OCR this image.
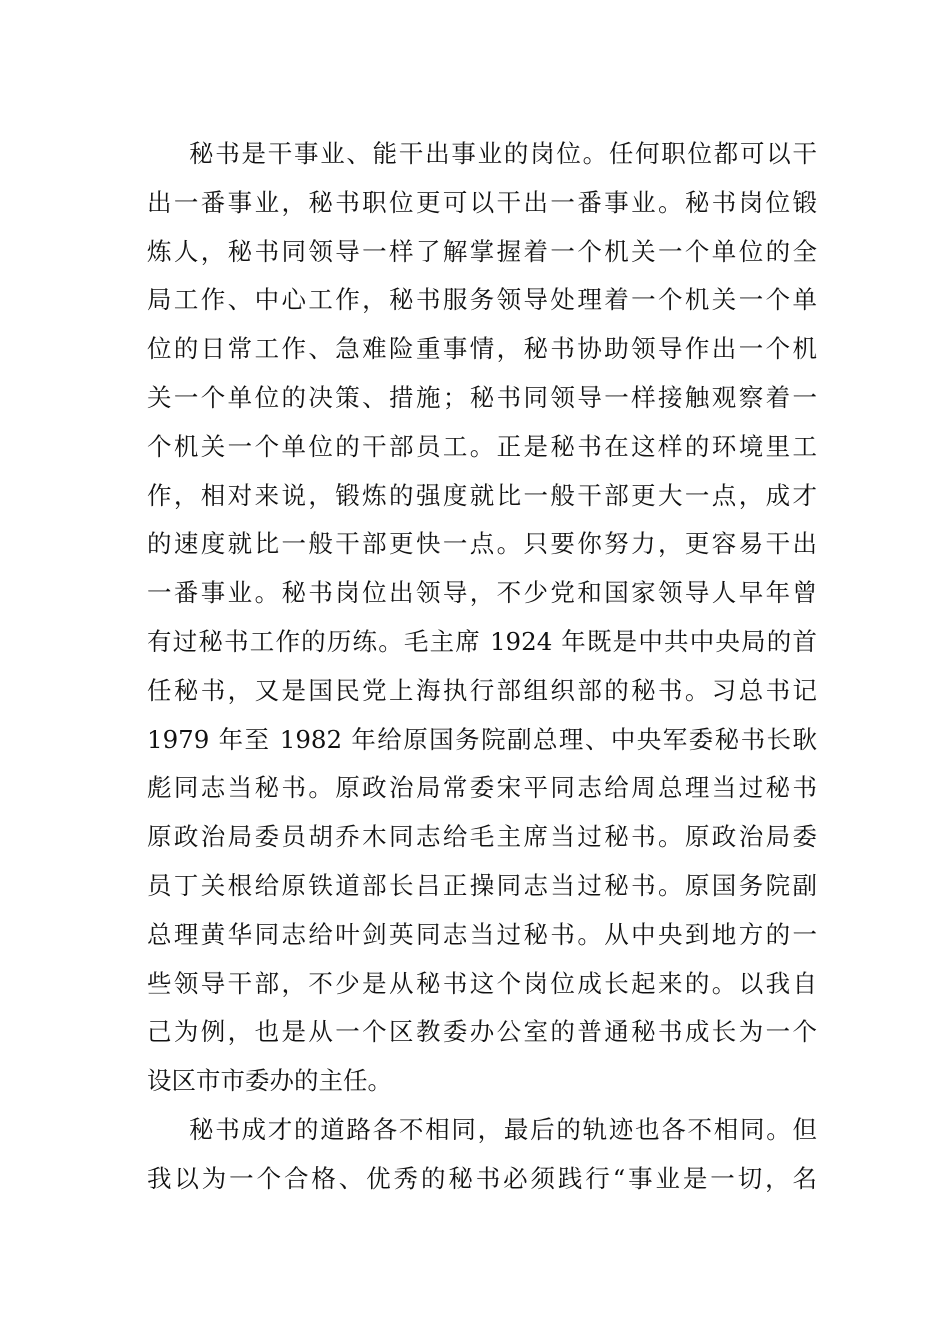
秘书是干事业、能干出事业的岗位。任何职位都可以干
出一番事业，秘书职位更可以干出一番事业。秘书岗位锻
炼人，秘书同领导一样了解掌握着一个机关一个单位的全
局工作、中心工作，秘书服务领导处理着一个机关一个单
位的日常工作、急难险重事情，秘书协助领导作出一个机
关一个单位的决策、措施；秘书同领导一样接触观察着一
个机关一个单位的干部员工。正是秘书在这样的环境里工
作，相对来说，锻炼的强度就比一般干部更大一点，成才
的速度就比一般干部更快一点。只要你努力，更容易干出
一番事业。秘书岗位出领导，不少党和国家领导人早年曾
有过秘书工作的历练。毛主席 1924 年既是中共中央局的首
任秘书，又是国民党上海执行部组织部的秘书。习总书记
1979 年至 1982 年给原国务院副总理、中央军委秘书长耿
彪同志当秘书。原政治局常委宋平同志给周总理当过秘书
原政治局委员胡乔木同志给毛主席当过秘书。原政治局委
员丁关根给原铁道部长吕正操同志当过秘书。原国务院副
总理黄华同志给叶剑英同志当过秘书。从中央到地方的一
些领导干部，不少是从秘书这个岗位成长起来的。以我自
己为例，也是从一个区教委办公室的普通秘书成长为一个
设区市市委办的主任。
秘书成才的道路各不相同，最后的轨迹也各不相同。但
我以为一个合格、优秀的秘书必须践行“事业是一切，名
